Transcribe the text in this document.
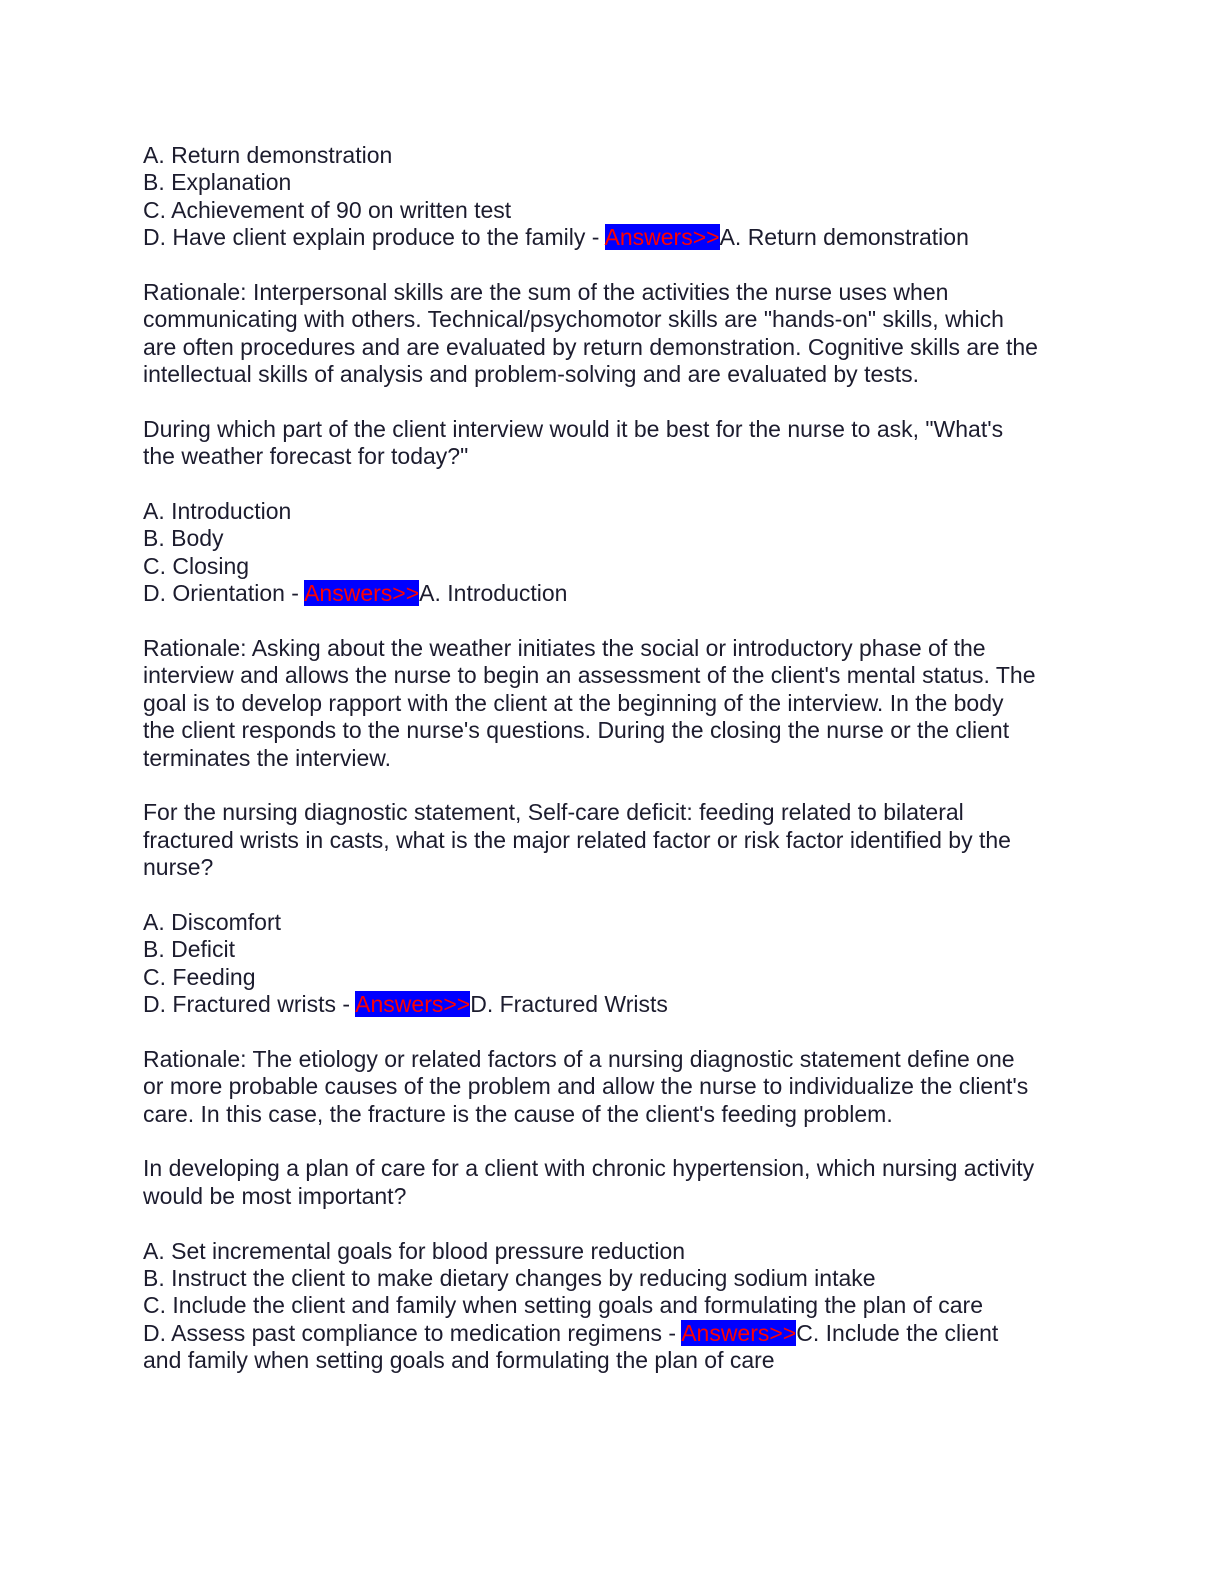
A. Return demonstration
B. Explanation
C. Achievement of 90 on written test
D. Have client explain produce to the family - Answers>>A. Return demonstration
Rationale: Interpersonal skills are the sum of the activities the nurse uses when
communicating with others. Technical/psychomotor skills are "hands-on" skills, which
are often procedures and are evaluated by return demonstration. Cognitive skills are the
intellectual skills of analysis and problem-solving and are evaluated by tests.
During which part of the client interview would it be best for the nurse to ask, "What's
the weather forecast for today?"
A. Introduction
B. Body
C. Closing
D. Orientation - Answers>>A. Introduction
Rationale: Asking about the weather initiates the social or introductory phase of the
interview and allows the nurse to begin an assessment of the client's mental status. The
goal is to develop rapport with the client at the beginning of the interview. In the body
the client responds to the nurse's questions. During the closing the nurse or the client
terminates the interview.
For the nursing diagnostic statement, Self-care deficit: feeding related to bilateral
fractured wrists in casts, what is the major related factor or risk factor identified by the
nurse?
A. Discomfort
B. Deficit
C. Feeding
D. Fractured wrists - Answers>>D. Fractured Wrists
Rationale: The etiology or related factors of a nursing diagnostic statement define one
or more probable causes of the problem and allow the nurse to individualize the client's
care. In this case, the fracture is the cause of the client's feeding problem.
In developing a plan of care for a client with chronic hypertension, which nursing activity
would be most important?
A. Set incremental goals for blood pressure reduction
B. Instruct the client to make dietary changes by reducing sodium intake
C. Include the client and family when setting goals and formulating the plan of care
D. Assess past compliance to medication regimens - Answers>>C. Include the client
and family when setting goals and formulating the plan of care
